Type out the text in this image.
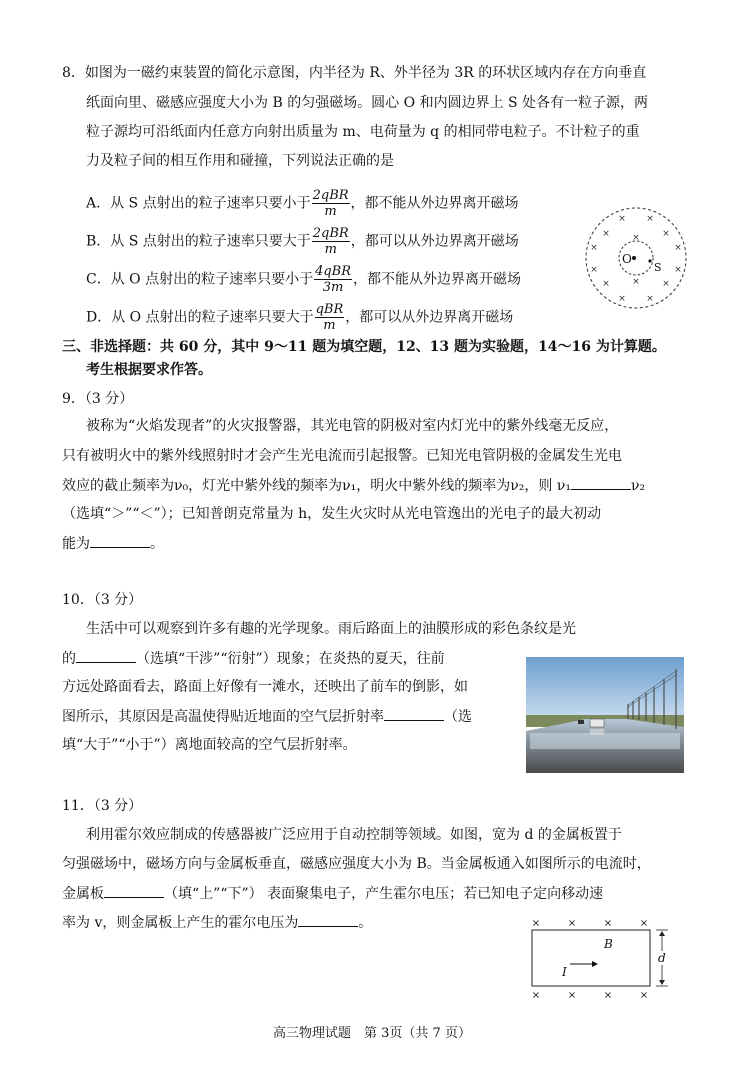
8．如图为一磁约束装置的简化示意图，内半径为 R、外半径为 3R 的环状区域内存在方向垂直
纸面向里、磁感应强度大小为 B 的匀强磁场。圆心 O 和内圆边界上 S 处各有一粒子源，两
粒子源均可沿纸面内任意方向射出质量为 m、电荷量为 q 的相同带电粒子。不计粒子的重
力及粒子间的相互作用和碰撞，下列说法正确的是
A．从 S 点射出的粒子速率只要小于 $\frac{\text{2qBR}}{m}$ ，都不能从外边界离开磁场
B．从 S 点射出的粒子速率只要大于 $\frac{\text{2qBR}}{m}$ ，都可以从外边界离开磁场
C．从 O 点射出的粒子速率只要小于 $\frac{\text{4qBR}}{3m}$ ，都不能从外边界离开磁场
D．从 O 点射出的粒子速率只要大于 $\frac{\text{qBR}}{m}$ ，都可以从外边界离开磁场
× ×
×	×
×
×	×
×	×
×
×	×
× ×
O
S
三、非选择题：共 60 分，其中 9～11 题为填空题，12、13 题为实验题，14～16 为计算题。
考生根据要求作答。
9．（3 分）
被称为“火焰发现者”的火灾报警器，其光电管的阴极对室内灯光中的紫外线毫无反应，
只有被明火中的紫外线照射时才会产生光电流而引起报警。已知光电管阴极的金属发生光电
效应的截止频率为ν₀，灯光中紫外线的频率为ν₁，明火中紫外线的频率为ν₂，则 ν₁	ν₂
（选填“＞”“＜”）；已知普朗克常量为 h，发生火灾时从光电管逸出的光电子的最大初动
能为	。
10．（3 分）
生活中可以观察到许多有趣的光学现象。雨后路面上的油膜形成的彩色条纹是光
的	（选填“干涉”“衍射”）现象；在炎热的夏天，往前
方远处路面看去，路面上好像有一滩水，还映出了前车的倒影，如
图所示，其原因是高温使得贴近地面的空气层折射率	（选
填“大于”“小于”）离地面较高的空气层折射率。
11．（3 分）
利用霍尔效应制成的传感器被广泛应用于自动控制等领域。如图，宽为 d 的金属板置于
匀强磁场中，磁场方向与金属板垂直，磁感应强度大小为 B。当金属板通入如图所示的电流时，
金属板	（填“上”“下”） 表面聚集电子，产生霍尔电压；若已知电子定向移动速
率为 v，则金属板上产生的霍尔电压为	。	×	×	×	×
×	×	×	×
B
I
d
高三物理试题　第 3页（共 7 页）
